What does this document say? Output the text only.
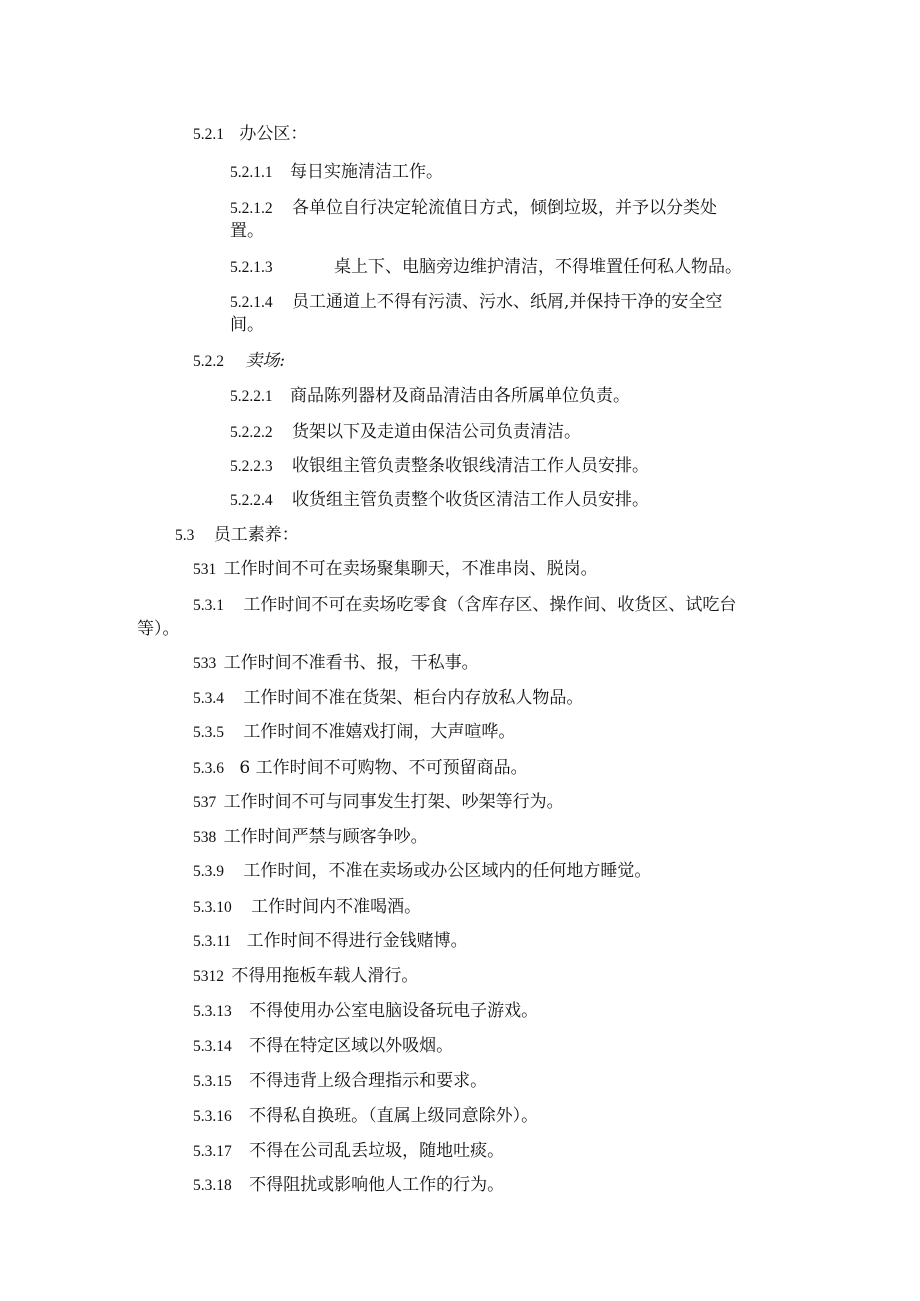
5.2.1 办公区：
5.2.1.1 每日实施清洁工作。
5.2.1.2 各单位自行决定轮流值日方式，倾倒垃圾，并予以分类处
置。
5.2.1.3	桌上下、电脑旁边维护清洁，不得堆置任何私人物品。
5.2.1.4 员工通道上不得有污渍、污水、纸屑,并保持干净的安全空
间。
5.2.2 卖场:
5.2.2.1 商品陈列器材及商品清洁由各所属单位负责。
5.2.2.2 货架以下及走道由保洁公司负责清洁。
5.2.2.3 收银组主管负责整条收银线清洁工作人员安排。
5.2.2.4 收货组主管负责整个收货区清洁工作人员安排。
5.3 员工素养：
531 工作时间不可在卖场聚集聊天，不准串岗、脱岗。
5.3.1 工作时间不可在卖场吃零食（含库存区、操作间、收货区、试吃台
等）。
533 工作时间不准看书、报，干私事。
5.3.4 工作时间不准在货架、柜台内存放私人物品。
5.3.5 工作时间不准嬉戏打闹，大声喧哗。
5.3.6 6 工作时间不可购物、不可预留商品。
537 工作时间不可与同事发生打架、吵架等行为。
538 工作时间严禁与顾客争吵。
5.3.9 工作时间，不准在卖场或办公区域内的任何地方睡觉。
5.3.10 工作时间内不准喝酒。
5.3.11 工作时间不得进行金钱赌博。
5312 不得用拖板车载人滑行。
5.3.13 不得使用办公室电脑设备玩电子游戏。
5.3.14 不得在特定区域以外吸烟。
5.3.15 不得违背上级合理指示和要求。
5.3.16 不得私自换班。（直属上级同意除外）。
5.3.17 不得在公司乱丢垃圾，随地吐痰。
5.3.18 不得阻扰或影响他人工作的行为。
